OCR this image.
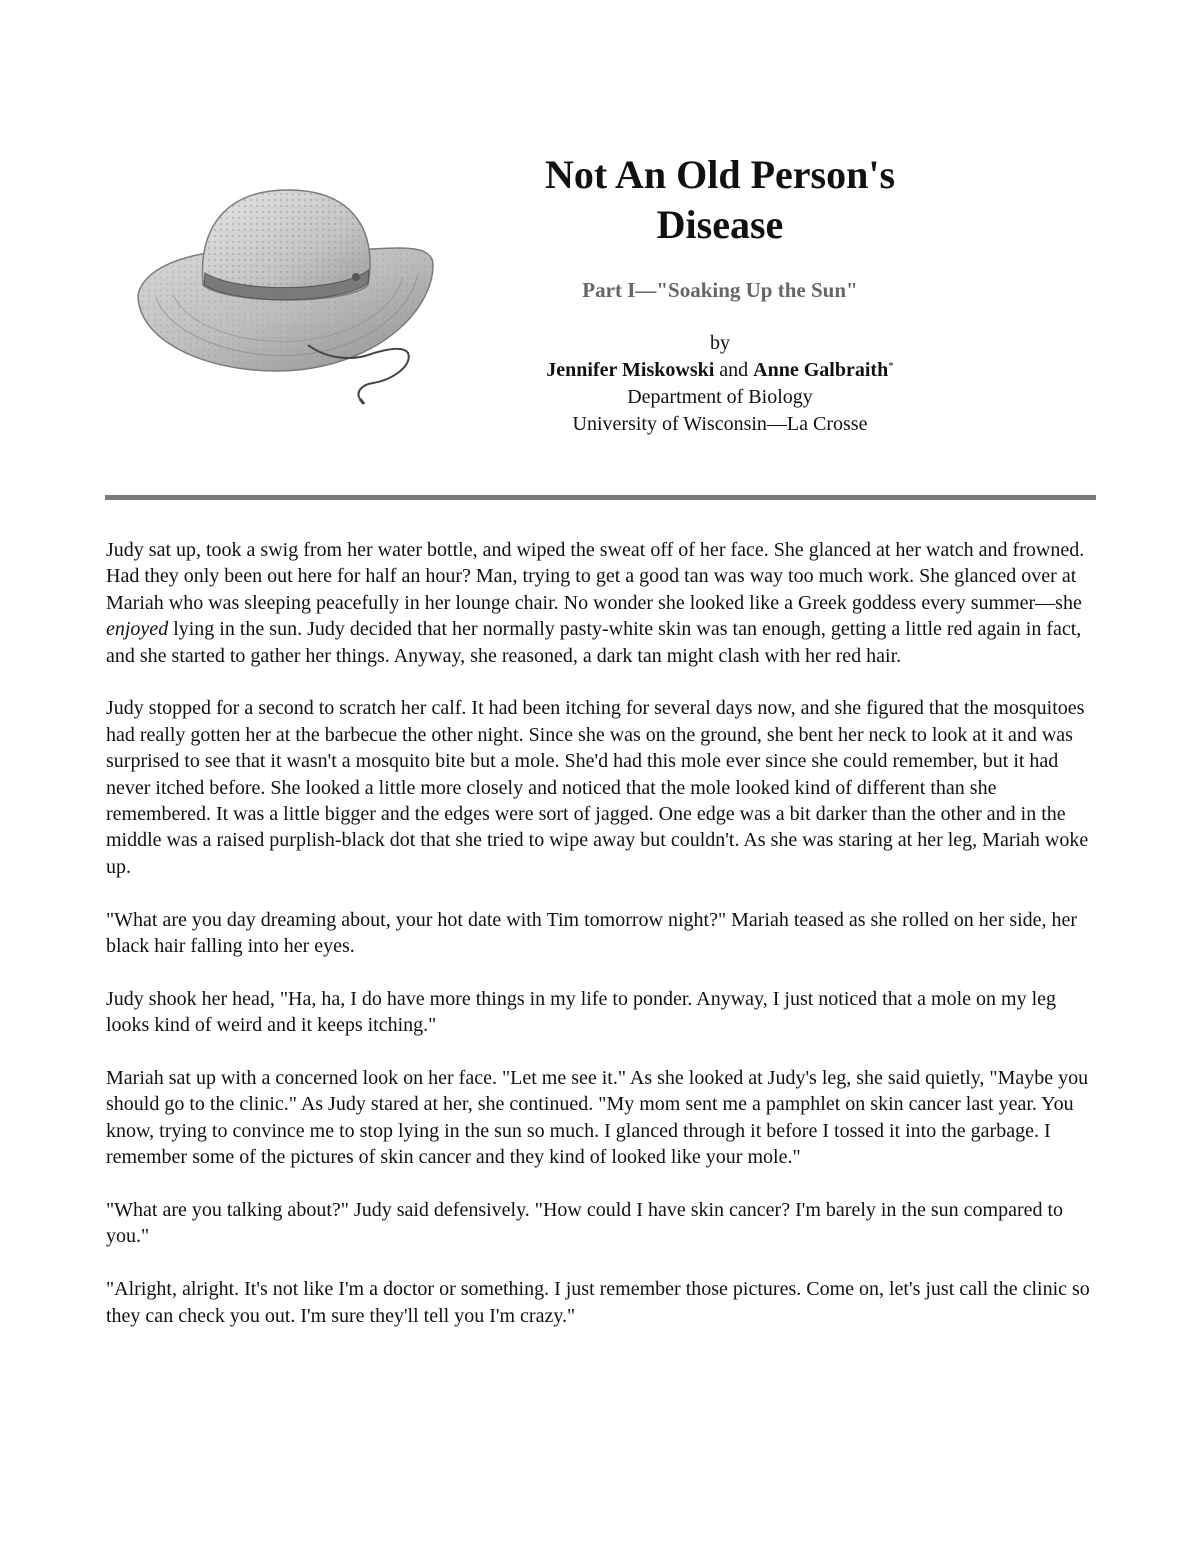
Not An Old Person's
Disease
Part I—"Soaking Up the Sun"
by
Jennifer Miskowski and Anne Galbraith*
Department of Biology
University of Wisconsin—La Crosse

Judy sat up, took a swig from her water bottle, and wiped the sweat off of her face. She glanced at her watch and frowned. Had they only been out here for half an hour? Man, trying to get a good tan was way too much work. She glanced over at Mariah who was sleeping peacefully in her lounge chair. No wonder she looked like a Greek goddess every summer—she enjoyed lying in the sun. Judy decided that her normally pasty-white skin was tan enough, getting a little red again in fact, and she started to gather her things. Anyway, she reasoned, a dark tan might clash with her red hair.

Judy stopped for a second to scratch her calf. It had been itching for several days now, and she figured that the mosquitoes had really gotten her at the barbecue the other night. Since she was on the ground, she bent her neck to look at it and was surprised to see that it wasn't a mosquito bite but a mole. She'd had this mole ever since she could remember, but it had never itched before. She looked a little more closely and noticed that the mole looked kind of different than she remembered. It was a little bigger and the edges were sort of jagged. One edge was a bit darker than the other and in the middle was a raised purplish-black dot that she tried to wipe away but couldn't. As she was staring at her leg, Mariah woke up.

"What are you day dreaming about, your hot date with Tim tomorrow night?" Mariah teased as she rolled on her side, her black hair falling into her eyes.

Judy shook her head, "Ha, ha, I do have more things in my life to ponder. Anyway, I just noticed that a mole on my leg looks kind of weird and it keeps itching."

Mariah sat up with a concerned look on her face. "Let me see it." As she looked at Judy's leg, she said quietly, "Maybe you should go to the clinic." As Judy stared at her, she continued. "My mom sent me a pamphlet on skin cancer last year. You know, trying to convince me to stop lying in the sun so much. I glanced through it before I tossed it into the garbage. I remember some of the pictures of skin cancer and they kind of looked like your mole."

"What are you talking about?" Judy said defensively. "How could I have skin cancer? I'm barely in the sun compared to you."

"Alright, alright. It's not like I'm a doctor or something. I just remember those pictures. Come on, let's just call the clinic so they can check you out. I'm sure they'll tell you I'm crazy."
